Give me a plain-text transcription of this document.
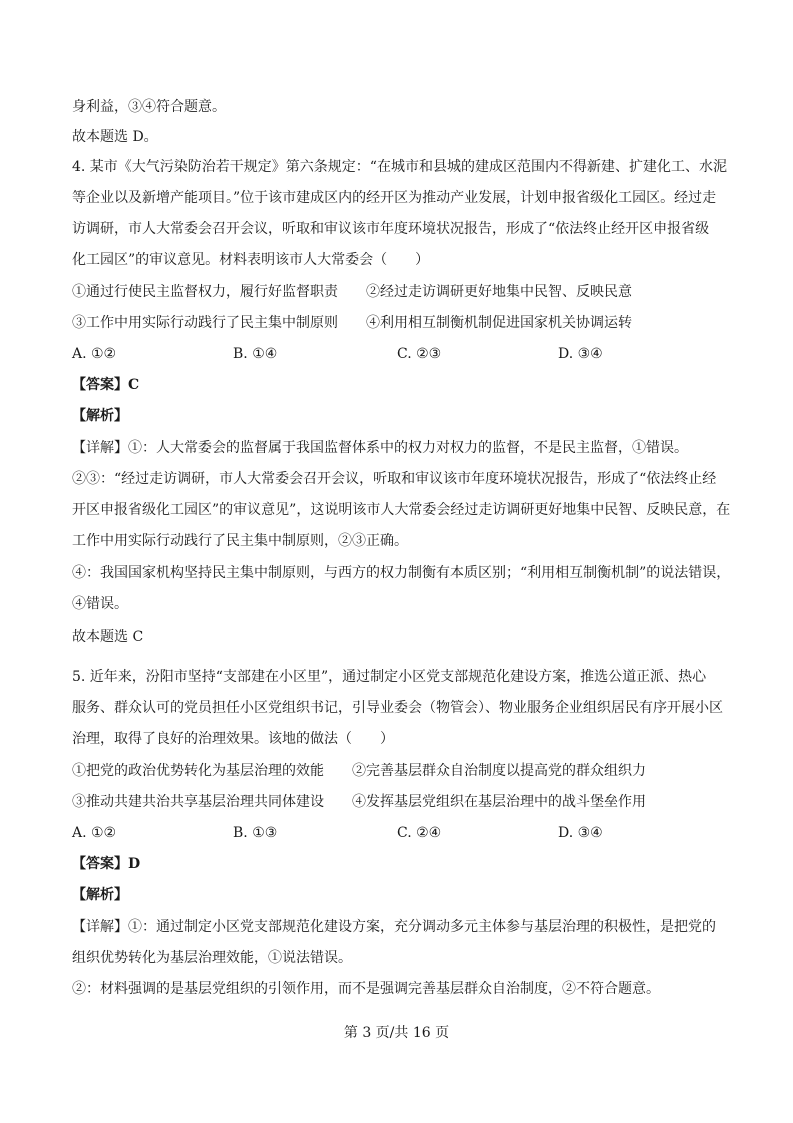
身利益，③④符合题意。
故本题选 D。
4. 某市《大气污染防治若干规定》第六条规定：“在城市和县城的建成区范围内不得新建、扩建化工、水泥
等企业以及新增产能项目。”位于该市建成区内的经开区为推动产业发展，计划申报省级化工园区。经过走
访调研，市人大常委会召开会议，听取和审议该市年度环境状况报告，形成了“依法终止经开区申报省级
化工园区”的审议意见。材料表明该市人大常委会（　　）
①通过行使民主监督权力，履行好监督职责　　②经过走访调研更好地集中民智、反映民意
③工作中用实际行动践行了民主集中制原则　　④利用相互制衡机制促进国家机关协调运转
A. ①②	B. ①④	C. ②③	D. ③④
【答案】C
【解析】
【详解】①：人大常委会的监督属于我国监督体系中的权力对权力的监督，不是民主监督，①错误。
②③：“经过走访调研，市人大常委会召开会议，听取和审议该市年度环境状况报告，形成了“依法终止经
开区申报省级化工园区”的审议意见”，这说明该市人大常委会经过走访调研更好地集中民智、反映民意，在
工作中用实际行动践行了民主集中制原则，②③正确。
④：我国国家机构坚持民主集中制原则，与西方的权力制衡有本质区别；“利用相互制衡机制”的说法错误，
④错误。
故本题选 C
5. 近年来，汾阳市坚持“支部建在小区里”，通过制定小区党支部规范化建设方案，推选公道正派、热心
服务、群众认可的党员担任小区党组织书记，引导业委会（物管会）、物业服务企业组织居民有序开展小区
治理，取得了良好的治理效果。该地的做法（　　）
①把党的政治优势转化为基层治理的效能　　②完善基层群众自治制度以提高党的群众组织力
③推动共建共治共享基层治理共同体建设　　④发挥基层党组织在基层治理中的战斗堡垒作用
A. ①②	B. ①③	C. ②④	D. ③④
【答案】D
【解析】
【详解】①：通过制定小区党支部规范化建设方案，充分调动多元主体参与基层治理的积极性，是把党的
组织优势转化为基层治理效能，①说法错误。
②：材料强调的是基层党组织的引领作用，而不是强调完善基层群众自治制度，②不符合题意。
第 3 页/共 16 页
